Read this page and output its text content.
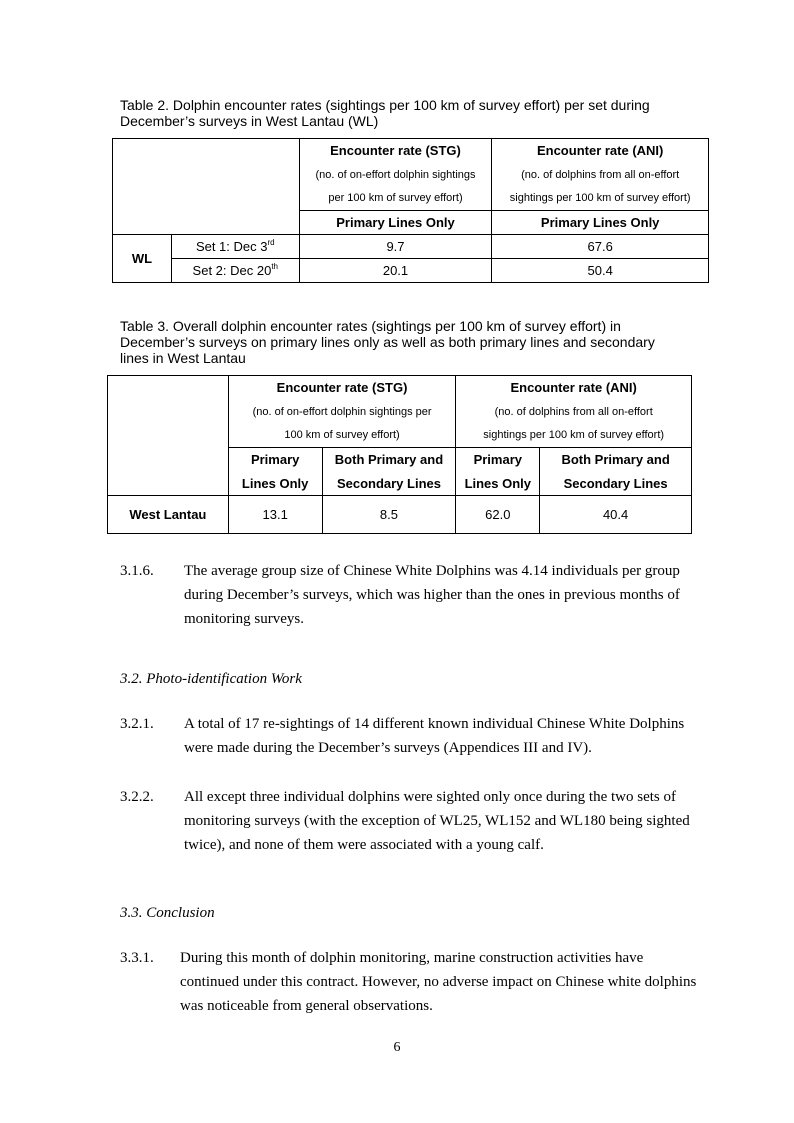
Table 2. Dolphin encounter rates (sightings per 100 km of survey effort) per set during
December’s surveys in West Lantau (WL)
		Encounter rate (STG)	Encounter rate (ANI)
		(no. of on-effort dolphin sightings	(no. of dolphins from all on-effort
		per 100 km of survey effort)	sightings per 100 km of survey effort)
		Primary Lines Only	Primary Lines Only
WL	Set 1: Dec 3rd	9.7	67.6
	Set 2: Dec 20th	20.1	50.4
Table 3. Overall dolphin encounter rates (sightings per 100 km of survey effort) in
December’s surveys on primary lines only as well as both primary lines and secondary
lines in West Lantau
	Encounter rate (STG)		Encounter rate (ANI)	
	(no. of on-effort dolphin sightings per		(no. of dolphins from all on-effort	
	100 km of survey effort)		sightings per 100 km of survey effort)	
	Primary	Both Primary and	Primary	Both Primary and
	Lines Only	Secondary Lines	Lines Only	Secondary Lines
West Lantau	13.1	8.5	62.0	40.4
3.1.6. The average group size of Chinese White Dolphins was 4.14 individuals per group during December’s surveys, which was higher than the ones in previous months of monitoring surveys.
3.2. Photo-identification Work
3.2.1. A total of 17 re-sightings of 14 different known individual Chinese White Dolphins were made during the December’s surveys (Appendices III and IV).
3.2.2. All except three individual dolphins were sighted only once during the two sets of monitoring surveys (with the exception of WL25, WL152 and WL180 being sighted twice), and none of them were associated with a young calf.
3.3. Conclusion
3.3.1. During this month of dolphin monitoring, marine construction activities have continued under this contract. However, no adverse impact on Chinese white dolphins was noticeable from general observations.
6
